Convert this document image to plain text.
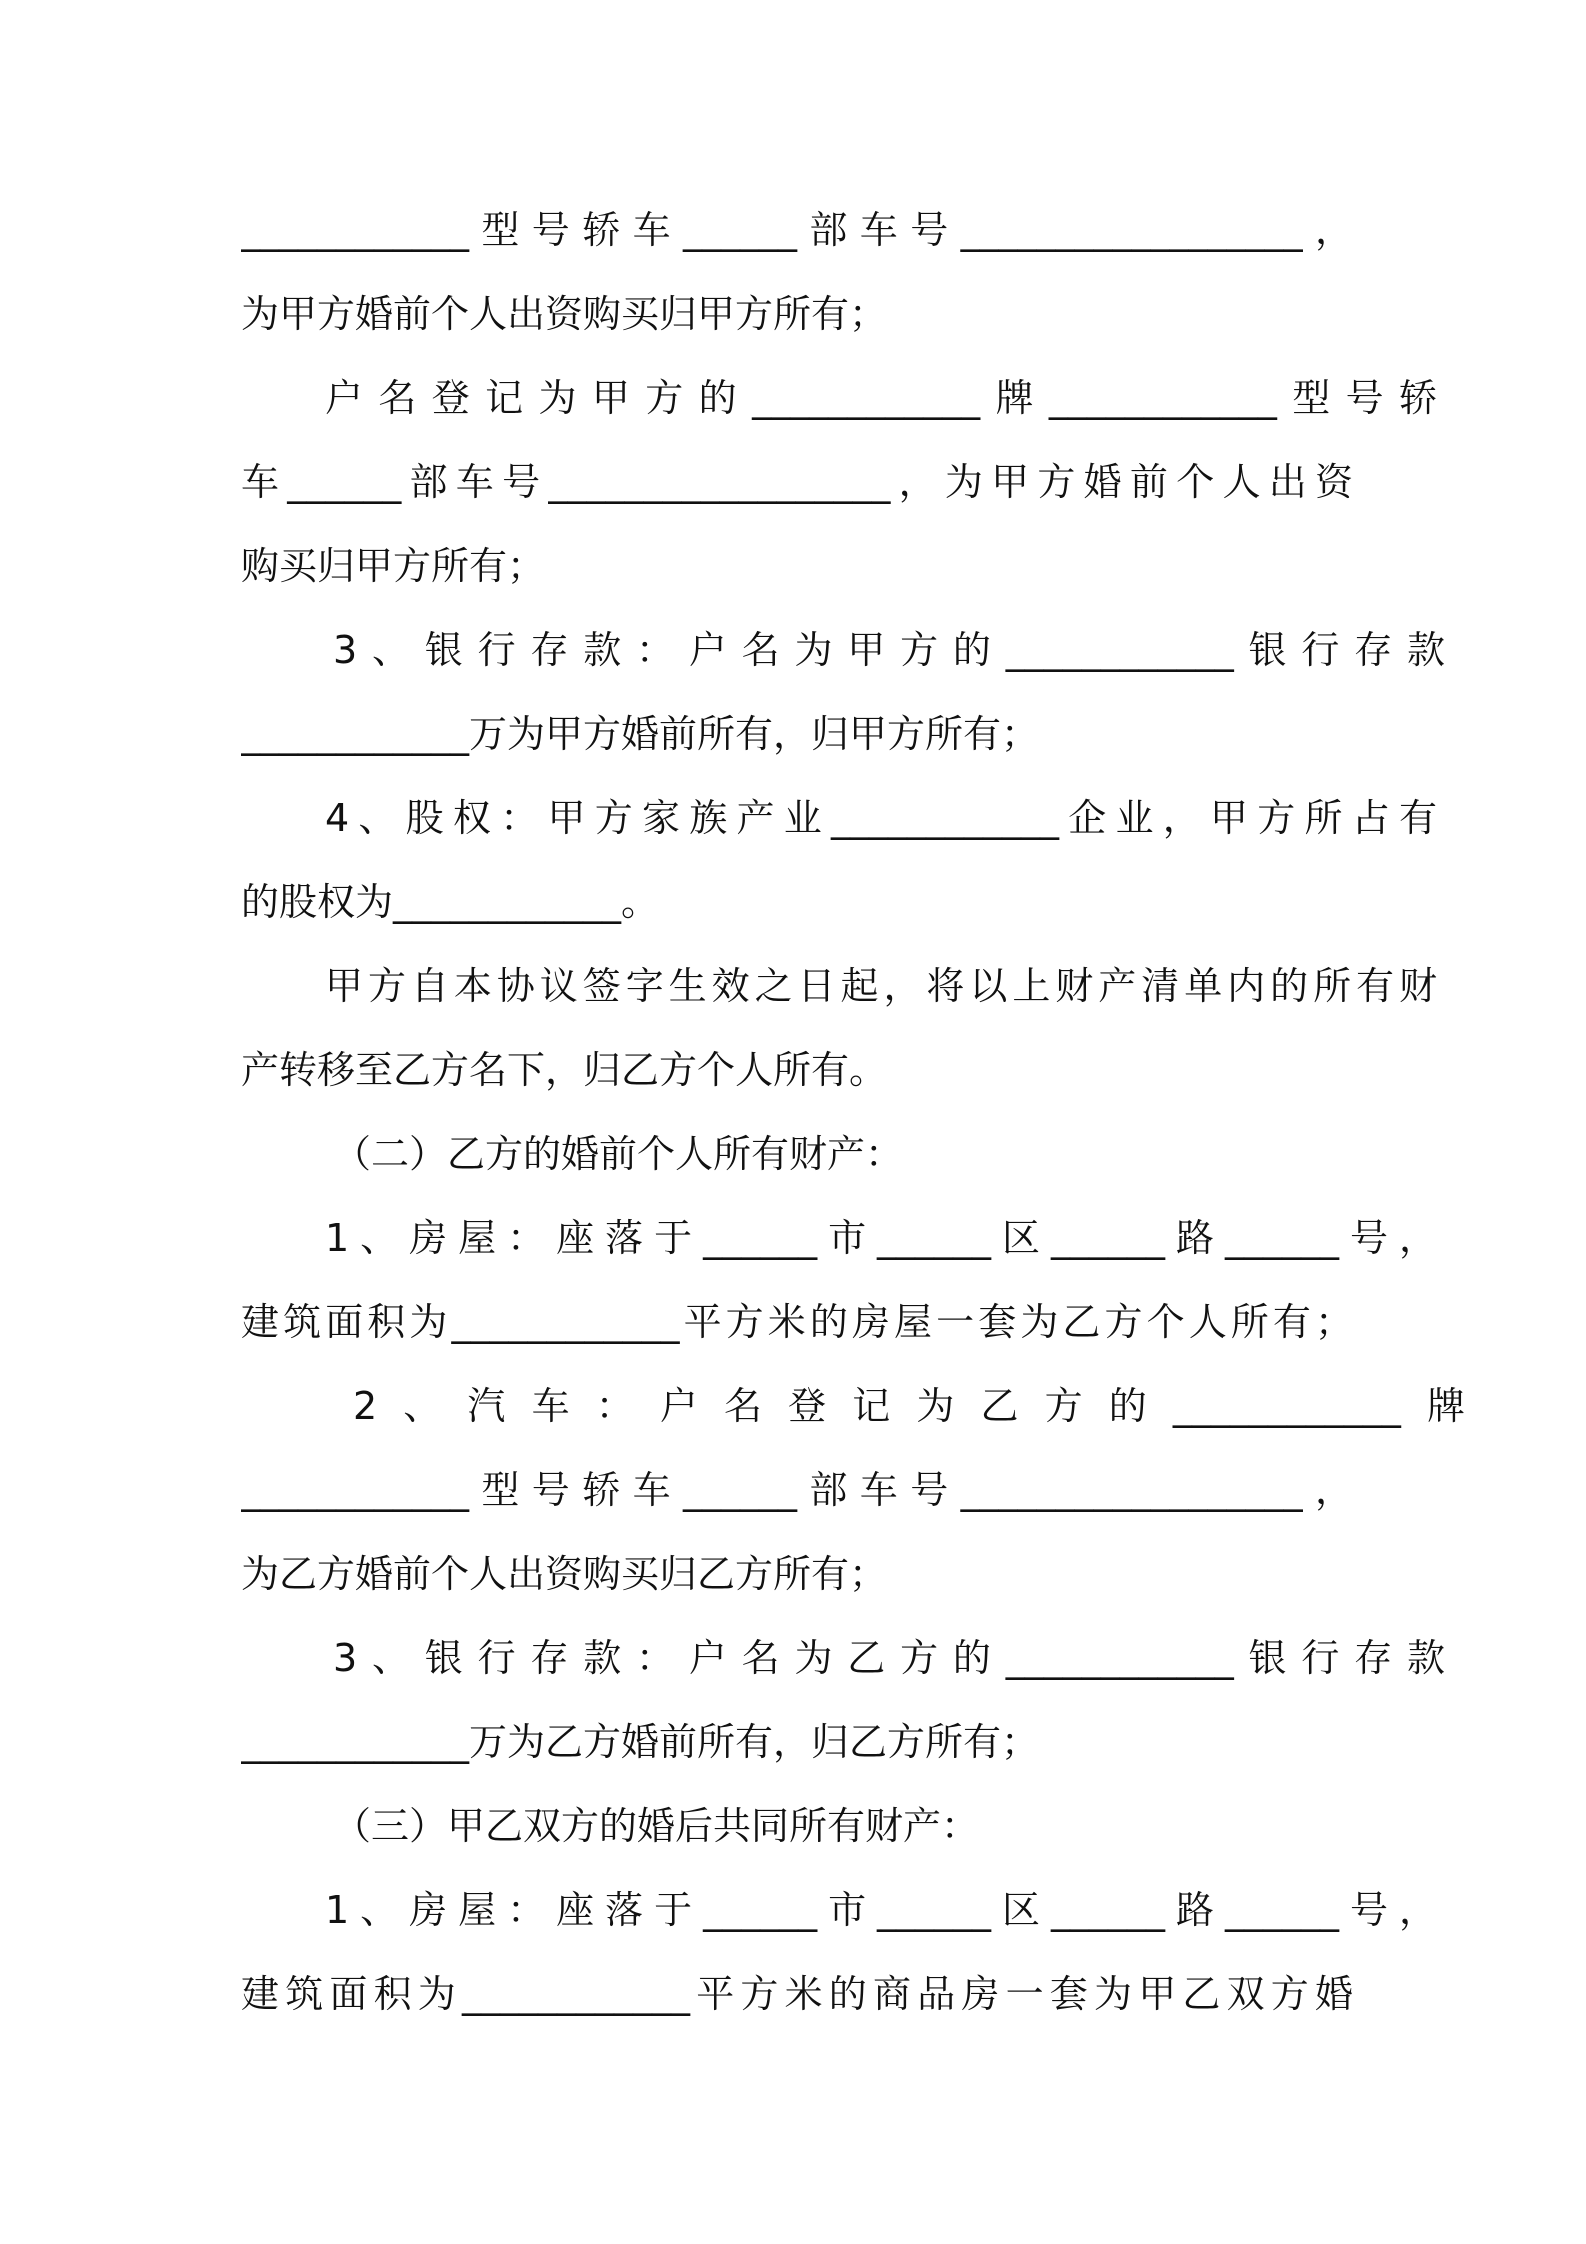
____________型号轿车______部车号__________________，
为甲方婚前个人出资购买归甲方所有；
户名登记为甲方的____________牌____________型号轿
车______部车号__________________，为甲方婚前个人出资
购买归甲方所有；
3、银行存款：户名为甲方的____________银行存款
____________万为甲方婚前所有，归甲方所有；
4、股权：甲方家族产业____________企业，甲方所占有
的股权为____________。
甲方自本协议签字生效之日起，将以上财产清单内的所有财
产转移至乙方名下，归乙方个人所有。
（二）乙方的婚前个人所有财产：
1、房屋：座落于______市______区______路______号，
建筑面积为____________平方米的房屋一套为乙方个人所有；
2、汽车：户名登记为乙方的____________牌
____________型号轿车______部车号__________________，
为乙方婚前个人出资购买归乙方所有；
3、银行存款：户名为乙方的____________银行存款
____________万为乙方婚前所有，归乙方所有；
（三）甲乙双方的婚后共同所有财产：
1、房屋：座落于______市______区______路______号，
建筑面积为____________平方米的商品房一套为甲乙双方婚
